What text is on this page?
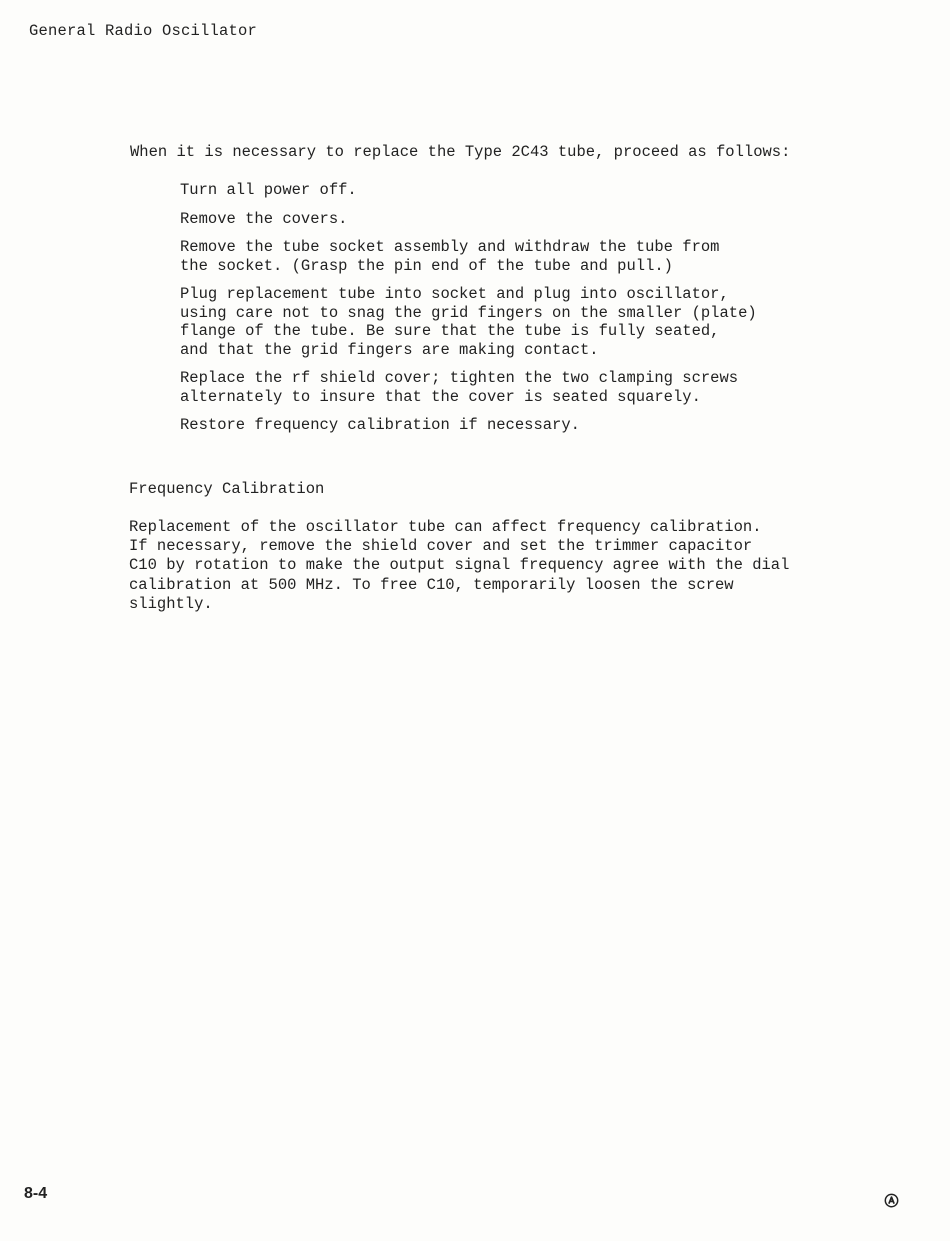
General Radio Oscillator
When it is necessary to replace the Type 2C43 tube, proceed as follows:
Turn all power off.
Remove the covers.
Remove the tube socket assembly and withdraw the tube from
the socket. (Grasp the pin end of the tube and pull.)
Plug replacement tube into socket and plug into oscillator,
using care not to snag the grid fingers on the smaller (plate)
flange of the tube. Be sure that the tube is fully seated,
and that the grid fingers are making contact.
Replace the rf shield cover; tighten the two clamping screws
alternately to insure that the cover is seated squarely.
Restore frequency calibration if necessary.
Frequency Calibration

Replacement of the oscillator tube can affect frequency calibration.
If necessary, remove the shield cover and set the trimmer capacitor
C10 by rotation to make the output signal frequency agree with the dial
calibration at 500 MHz. To free C10, temporarily loosen the screw
slightly.

8-4
